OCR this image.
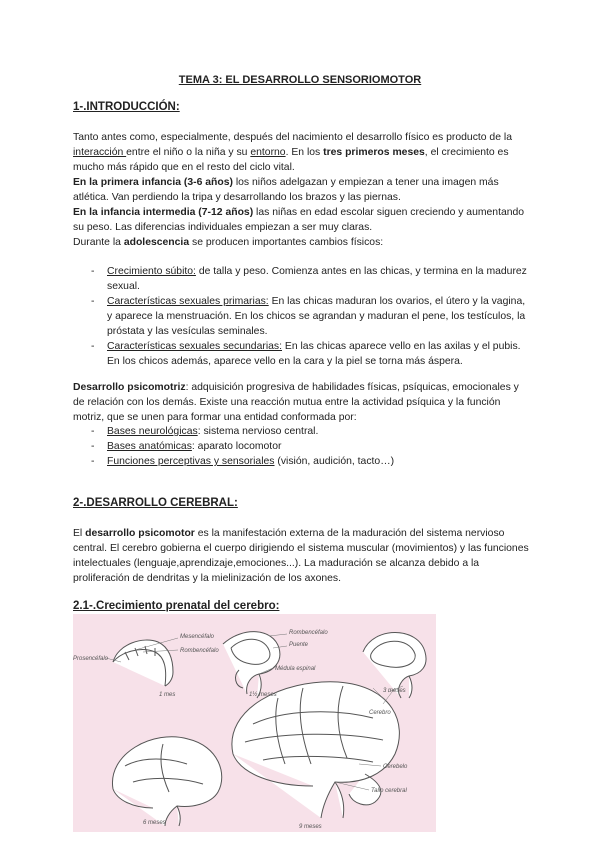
TEMA 3: EL DESARROLLO SENSORIOMOTOR
1-.INTRODUCCIÓN:
Tanto antes como, especialmente, después del nacimiento el desarrollo físico es producto de la interacción entre el niño o la niña y su entorno. En los tres primeros meses, el crecimiento es mucho más rápido que en el resto del ciclo vital.
En la primera infancia (3-6 años) los niños adelgazan y empiezan a tener una imagen más atlética. Van perdiendo la tripa y desarrollando los brazos y las piernas.
En la infancia intermedia (7-12 años) las niñas en edad escolar siguen creciendo y aumentando su peso. Las diferencias individuales empiezan a ser muy claras.
Durante la adolescencia se producen importantes cambios físicos:
- Crecimiento súbito: de talla y peso. Comienza antes en las chicas, y termina en la madurez sexual.
- Características sexuales primarias: En las chicas maduran los ovarios, el útero y la vagina, y aparece la menstruación. En los chicos se agrandan y maduran el pene, los testículos, la próstata y las vesículas seminales.
- Características sexuales secundarias: En las chicas aparece vello en las axilas y el pubis. En los chicos además, aparece vello en la cara y la piel se torna más áspera.
Desarrollo psicomotriz: adquisición progresiva de habilidades físicas, psíquicas, emocionales y de relación con los demás. Existe una reacción mutua entre la actividad psíquica y la función motriz, que se unen para formar una entidad conformada por:
- Bases neurológicas: sistema nervioso central.
- Bases anatómicas: aparato locomotor
- Funciones perceptivas y sensoriales (visión, audición, tacto…)
2-.DESARROLLO CEREBRAL:
El desarrollo psicomotor es la manifestación externa de la maduración del sistema nervioso central. El cerebro gobierna el cuerpo dirigiendo el sistema muscular (movimientos) y las funciones intelectuales (lenguaje,aprendizaje,emociones...). La maduración se alcanza debido a la proliferación de dendritas y la mielinización de los axones.
2.1-.Crecimiento prenatal del cerebro:
Prosencéfalo
Mesencéfalo
Rombencéfalo
Rombencéfalo
Puente
Médula espinal
1 mes	1½ meses
3 meses
Cerebro
Cerebelo
Tallo cerebral
6 meses
9 meses
